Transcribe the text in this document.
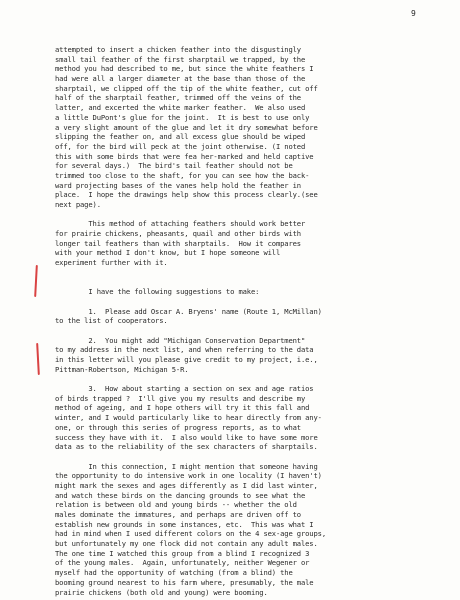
9
attempted to insert a chicken feather into the disgustingly
small tail feather of the first sharptail we trapped, by the
method you had described to me, but since the white feathers I
had were all a larger diameter at the base than those of the
sharptail, we clipped off the tip of the white feather, cut off
half of the sharptail feather, trimmed off the veins of the
latter, and excerted the white marker feather.  We also used
a little DuPont's glue for the joint.  It is best to use only
a very slight amount of the glue and let it dry somewhat before
slipping the feather on, and all excess glue should be wiped
off, for the bird will peck at the joint otherwise. (I noted
this with some birds that were fea her-marked and held captive
for several days.)  The bird's tail feather should not be
trimmed too close to the shaft, for you can see how the back-
ward projecting bases of the vanes help hold the feather in
place.  I hope the drawings help show this process clearly.(see
next page).
This method of attaching feathers should work better
for prairie chickens, pheasants, quail and other birds with
longer tail feathers than with sharptails.  How it compares
with your method I don't know, but I hope someone will
experiment further with it.
I have the following suggestions to make:
1.  Please add Oscar A. Bryens' name (Route 1, McMillan)
to the list of cooperators.
2.  You might add "Michigan Conservation Department"
to my address in the next list, and when referring to the data
in this letter will you please give credit to my project, i.e.,
Pittman-Robertson, Michigan 5-R.
3.  How about starting a section on sex and age ratios
of birds trapped ?  I'll give you my results and describe my
method of ageing, and I hope others will try it this fall and
winter, and I would particularly like to hear directly from any-
one, or through this series of progress reports, as to what
success they have with it.  I also would like to have some more
data as to the reliability of the sex characters of sharptails.
In this connection, I might mention that someone having
the opportunity to do intensive work in one locality (I haven't)
might mark the sexes and ages differently as I did last winter,
and watch these birds on the dancing grounds to see what the
relation is between old and young birds -- whether the old
males dominate the immatures, and perhaps are driven off to
establish new grounds in some instances, etc.  This was what I
had in mind when I used different colors on the 4 sex-age groups,
but unfortunately my one flock did not contain any adult males.
The one time I watched this group from a blind I recognized 3
of the young males.  Again, unfortunately, neither Wegener or
myself had the opportunity of watching (from a blind) the
booming ground nearest to his farm where, presumably, the male
prairie chickens (both old and young) were booming.
